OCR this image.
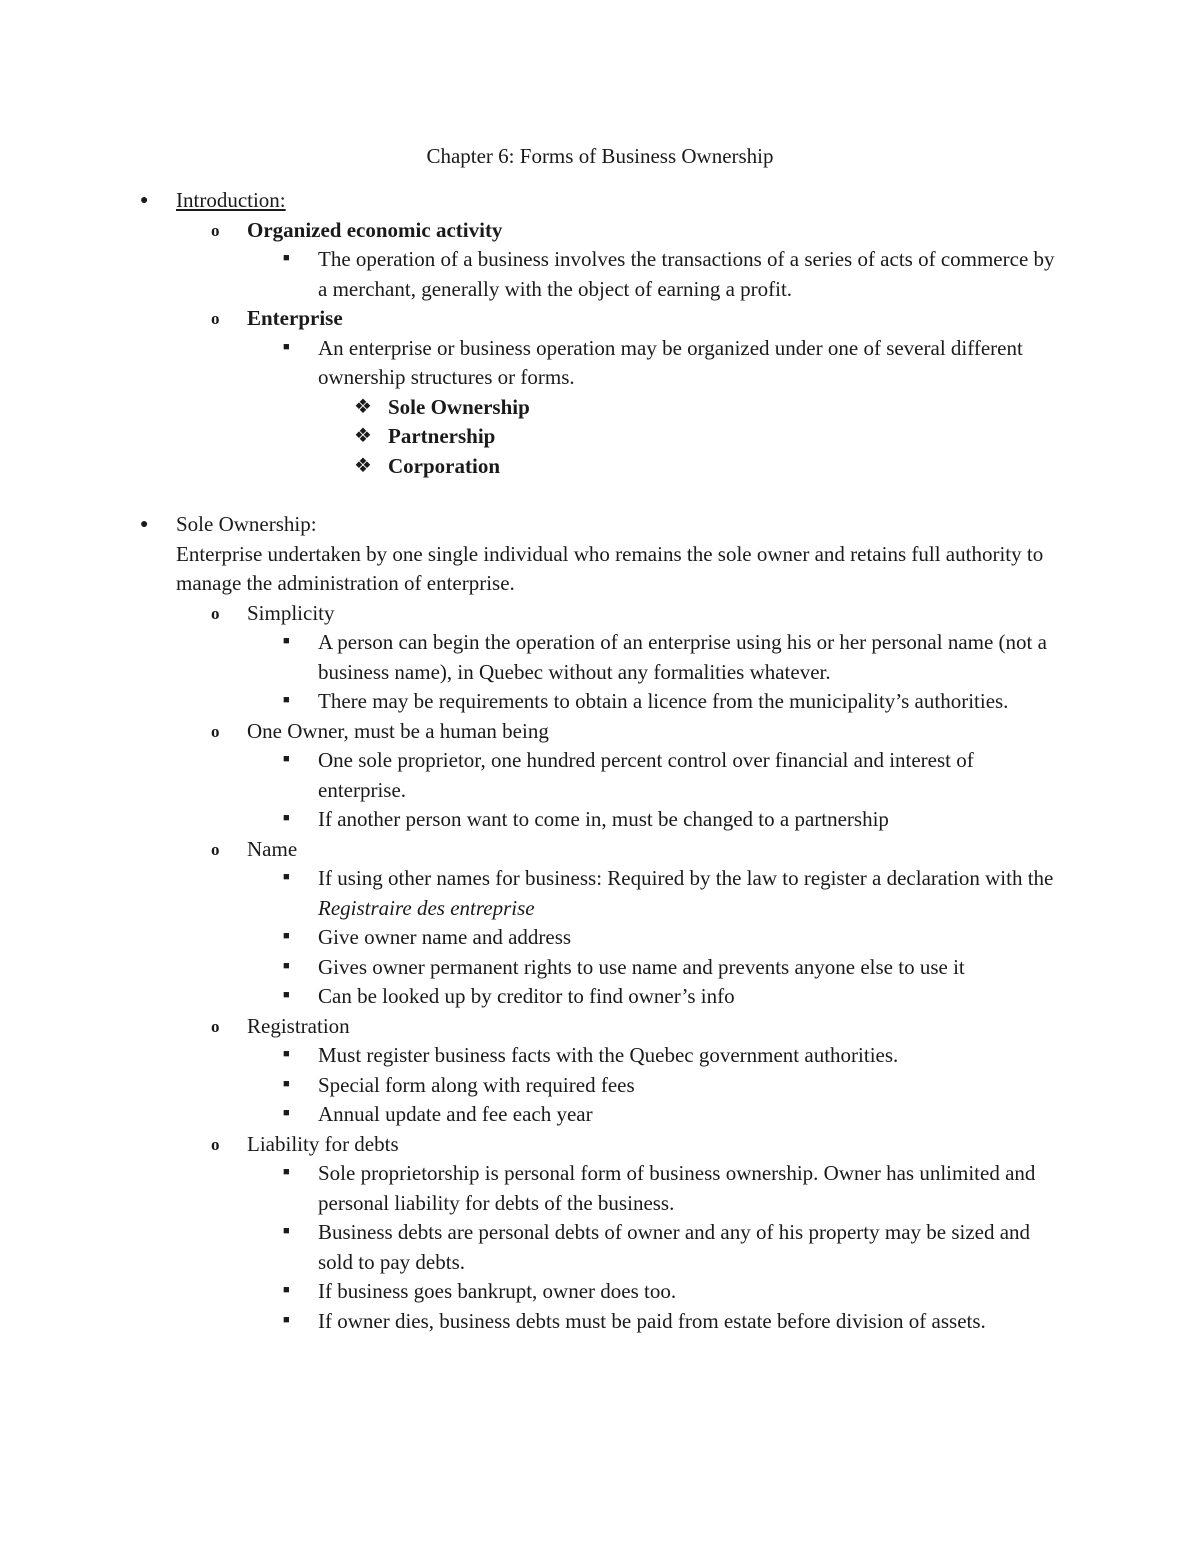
Chapter 6: Forms of Business Ownership
● Introduction:
o Organized economic activity
■ The operation of a business involves the transactions of a series of acts of commerce by a merchant, generally with the object of earning a profit.
o Enterprise
■ An enterprise or business operation may be organized under one of several different ownership structures or forms.
❖ Sole Ownership
❖ Partnership
❖ Corporation
● Sole Ownership:
Enterprise undertaken by one single individual who remains the sole owner and retains full authority to manage the administration of enterprise.
o Simplicity
■ A person can begin the operation of an enterprise using his or her personal name (not a business name), in Quebec without any formalities whatever.
■ There may be requirements to obtain a licence from the municipality’s authorities.
o One Owner, must be a human being
■ One sole proprietor, one hundred percent control over financial and interest of enterprise.
■ If another person want to come in, must be changed to a partnership
o Name
■ If using other names for business: Required by the law to register a declaration with the Registraire des entreprise
■ Give owner name and address
■ Gives owner permanent rights to use name and prevents anyone else to use it
■ Can be looked up by creditor to find owner’s info
o Registration
■ Must register business facts with the Quebec government authorities.
■ Special form along with required fees
■ Annual update and fee each year
o Liability for debts
■ Sole proprietorship is personal form of business ownership. Owner has unlimited and personal liability for debts of the business.
■ Business debts are personal debts of owner and any of his property may be sized and sold to pay debts.
■ If business goes bankrupt, owner does too.
■ If owner dies, business debts must be paid from estate before division of assets.
